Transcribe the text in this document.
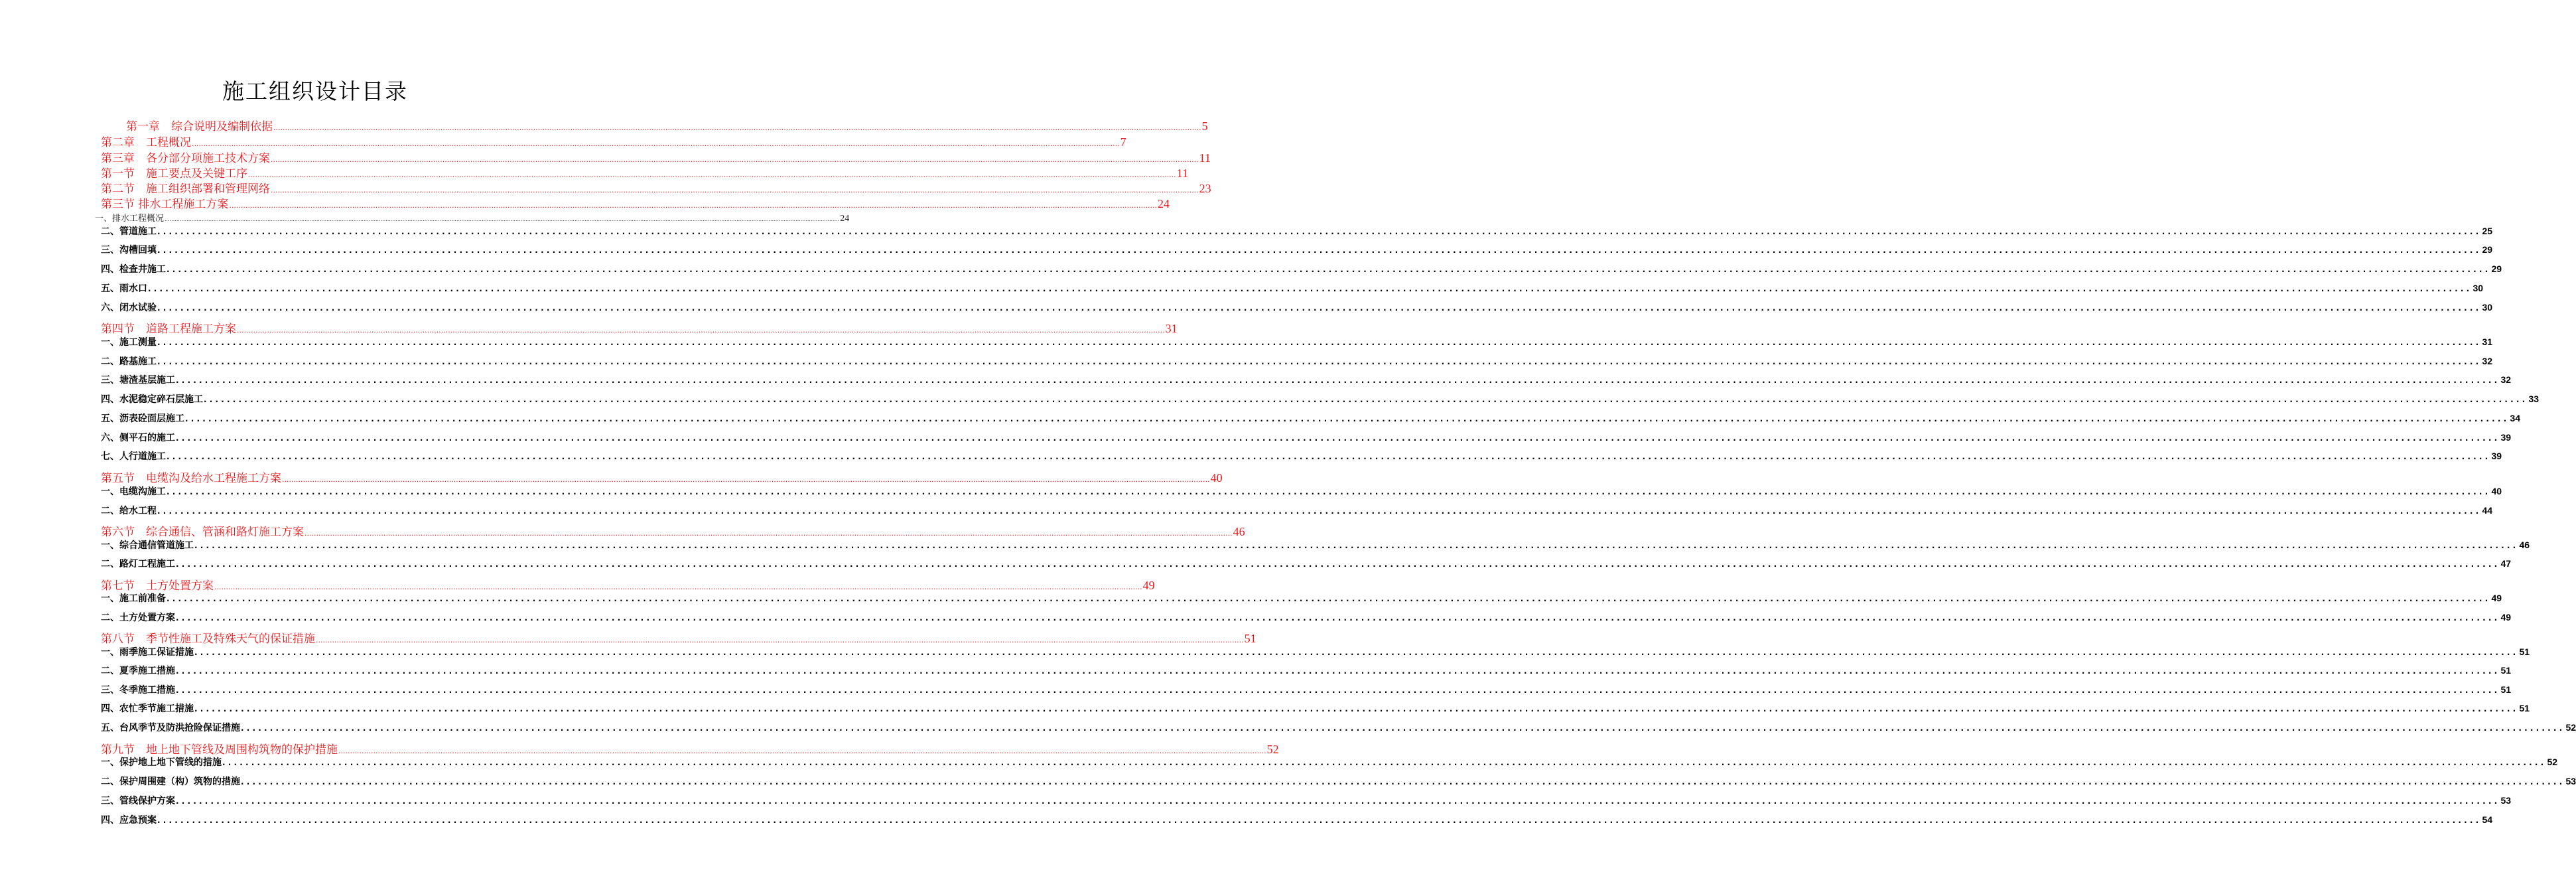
施工组织设计目录
第一章　综合说明及编制依据 ................................................................................................................................................................................................................................................................................................................................................................................................................ 5
第二章　工程概况 ................................................................................................................................................................................................................................................................................................................................................................................................................ 7
第三章　各分部分项施工技术方案 ................................................................................................................................................................................................................................................................................................................................................................................................................ 11
第一节　施工要点及关键工序 ................................................................................................................................................................................................................................................................................................................................................................................................................ 11
第二节　施工组织部署和管理网络 ................................................................................................................................................................................................................................................................................................................................................................................................................ 23
第三节 排水工程施工方案 ................................................................................................................................................................................................................................................................................................................................................................................................................ 24
一、排水工程概况 ................................................................................................................................................................................................................................................................................................................................................................................................................ 24
二、管道施工 ................................................................................................................................................................................................................................................................................................................................................................................................................ 25
三、沟槽回填 ................................................................................................................................................................................................................................................................................................................................................................................................................ 29
四、检查井施工 ................................................................................................................................................................................................................................................................................................................................................................................................................ 29
五、雨水口 ................................................................................................................................................................................................................................................................................................................................................................................................................ 30
六、闭水试验 ................................................................................................................................................................................................................................................................................................................................................................................................................ 30
第四节　道路工程施工方案 ................................................................................................................................................................................................................................................................................................................................................................................................................ 31
一、施工测量 ................................................................................................................................................................................................................................................................................................................................................................................................................ 31
二、路基施工 ................................................................................................................................................................................................................................................................................................................................................................................................................ 32
三、塘渣基层施工 ................................................................................................................................................................................................................................................................................................................................................................................................................ 32
四、水泥稳定碎石层施工 ................................................................................................................................................................................................................................................................................................................................................................................................................ 33
五、沥表砼面层施工 ................................................................................................................................................................................................................................................................................................................................................................................................................ 34
六、侧平石的施工 ................................................................................................................................................................................................................................................................................................................................................................................................................ 39
七、人行道施工 ................................................................................................................................................................................................................................................................................................................................................................................................................ 39
第五节　电缆沟及给水工程施工方案 ................................................................................................................................................................................................................................................................................................................................................................................................................ 40
一、电缆沟施工 ................................................................................................................................................................................................................................................................................................................................................................................................................ 40
二、给水工程 ................................................................................................................................................................................................................................................................................................................................................................................................................ 44
第六节　综合通信、管涵和路灯施工方案 ................................................................................................................................................................................................................................................................................................................................................................................................................ 46
一、综合通信管道施工 ................................................................................................................................................................................................................................................................................................................................................................................................................ 46
二、路灯工程施工 ................................................................................................................................................................................................................................................................................................................................................................................................................ 47
第七节　土方处置方案 ................................................................................................................................................................................................................................................................................................................................................................................................................ 49
一、施工前准备 ................................................................................................................................................................................................................................................................................................................................................................................................................ 49
二、土方处置方案 ................................................................................................................................................................................................................................................................................................................................................................................................................ 49
第八节　季节性施工及特殊天气的保证措施 ................................................................................................................................................................................................................................................................................................................................................................................................................ 51
一、雨季施工保证措施 ................................................................................................................................................................................................................................................................................................................................................................................................................ 51
二、夏季施工措施 ................................................................................................................................................................................................................................................................................................................................................................................................................ 51
三、冬季施工措施 ................................................................................................................................................................................................................................................................................................................................................................................................................ 51
四、农忙季节施工措施 ................................................................................................................................................................................................................................................................................................................................................................................................................ 51
五、台风季节及防洪抢险保证措施 ................................................................................................................................................................................................................................................................................................................................................................................................................ 52
第九节　地上地下管线及周围构筑物的保护措施 ................................................................................................................................................................................................................................................................................................................................................................................................................ 52
一、保护地上地下管线的措施 ................................................................................................................................................................................................................................................................................................................................................................................................................ 52
二、保护周围建（构）筑物的措施 ................................................................................................................................................................................................................................................................................................................................................................................................................ 53
三、管线保护方案 ................................................................................................................................................................................................................................................................................................................................................................................................................ 53
四、应急预案 ................................................................................................................................................................................................................................................................................................................................................................................................................ 54
